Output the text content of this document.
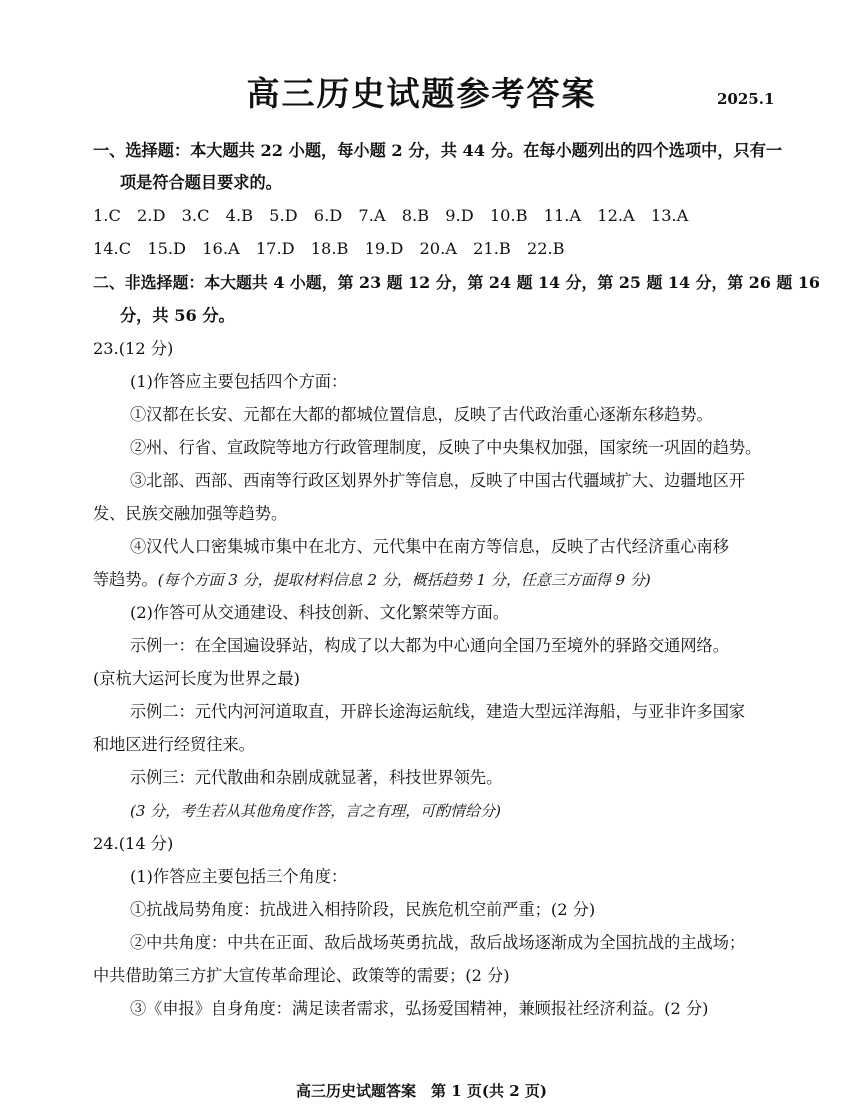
高三历史试题参考答案	2025.1
一、选择题：本大题共 22 小题，每小题 2 分，共 44 分。在每小题列出的四个选项中，只有一
项是符合题目要求的。
1.C　2.D　3.C　4.B　5.D　6.D　7.A　8.B　9.D　10.B　11.A　12.A　13.A
14.C　15.D　16.A　17.D　18.B　19.D　20.A　21.B　22.B
二、非选择题：本大题共 4 小题，第 23 题 12 分，第 24 题 14 分，第 25 题 14 分，第 26 题 16
分，共 56 分。
23.(12 分)
(1)作答应主要包括四个方面：
①汉都在长安、元都在大都的都城位置信息，反映了古代政治重心逐渐东移趋势。
②州、行省、宣政院等地方行政管理制度，反映了中央集权加强，国家统一巩固的趋势。
③北部、西部、西南等行政区划界外扩等信息，反映了中国古代疆域扩大、边疆地区开
发、民族交融加强等趋势。
④汉代人口密集城市集中在北方、元代集中在南方等信息，反映了古代经济重心南移
等趋势。(每个方面 3 分，提取材料信息 2 分，概括趋势 1 分，任意三方面得 9 分)
(2)作答可从交通建设、科技创新、文化繁荣等方面。
示例一：在全国遍设驿站，构成了以大都为中心通向全国乃至境外的驿路交通网络。
(京杭大运河长度为世界之最)
示例二：元代内河河道取直，开辟长途海运航线，建造大型远洋海船，与亚非许多国家
和地区进行经贸往来。
示例三：元代散曲和杂剧成就显著，科技世界领先。
(3 分，考生若从其他角度作答，言之有理，可酌情给分)
24.(14 分)
(1)作答应主要包括三个角度：
①抗战局势角度：抗战进入相持阶段，民族危机空前严重；(2 分)
②中共角度：中共在正面、敌后战场英勇抗战，敌后战场逐渐成为全国抗战的主战场；
中共借助第三方扩大宣传革命理论、政策等的需要；(2 分)
③《申报》自身角度：满足读者需求，弘扬爱国精神，兼顾报社经济利益。(2 分)
高三历史试题答案　第 1 页(共 2 页)
